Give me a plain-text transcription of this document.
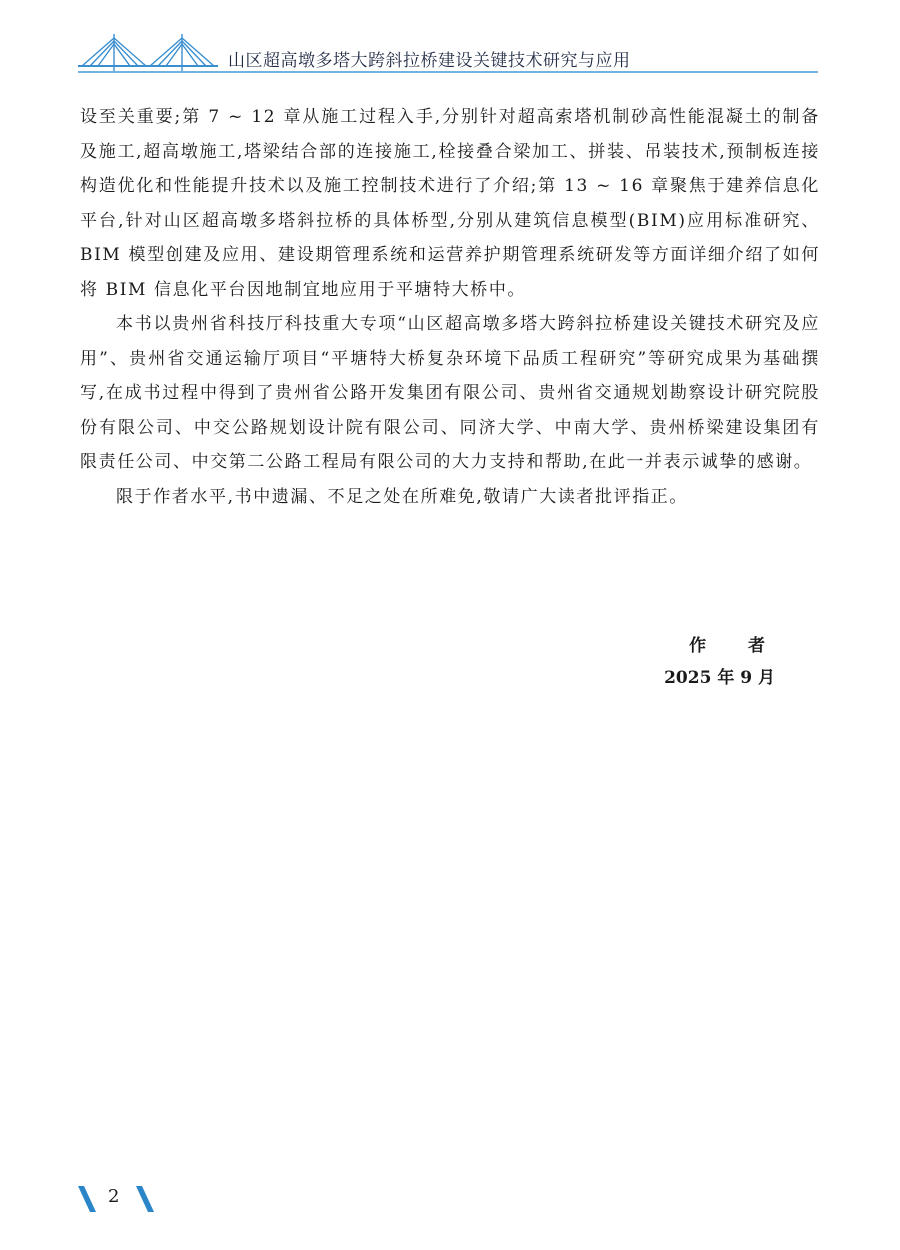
山区超高墩多塔大跨斜拉桥建设关键技术研究与应用

设至关重要;第 7 ~ 12 章从施工过程入手,分别针对超高索塔机制砂高性能混凝土的制备及施工,超高墩施工,塔梁结合部的连接施工,栓接叠合梁加工、拼装、吊装技术,预制板连接构造优化和性能提升技术以及施工控制技术进行了介绍;第 13 ~ 16 章聚焦于建养信息化平台,针对山区超高墩多塔斜拉桥的具体桥型,分别从建筑信息模型(BIM)应用标准研究、BIM 模型创建及应用、建设期管理系统和运营养护期管理系统研发等方面详细介绍了如何将 BIM 信息化平台因地制宜地应用于平塘特大桥中。

本书以贵州省科技厅科技重大专项“山区超高墩多塔大跨斜拉桥建设关键技术研究及应用”、贵州省交通运输厅项目“平塘特大桥复杂环境下品质工程研究”等研究成果为基础撰写,在成书过程中得到了贵州省公路开发集团有限公司、贵州省交通规划勘察设计研究院股份有限公司、中交公路规划设计院有限公司、同济大学、中南大学、贵州桥梁建设集团有限责任公司、中交第二公路工程局有限公司的大力支持和帮助,在此一并表示诚挚的感谢。

限于作者水平,书中遗漏、不足之处在所难免,敬请广大读者批评指正。

作 者
2025 年 9 月
2
